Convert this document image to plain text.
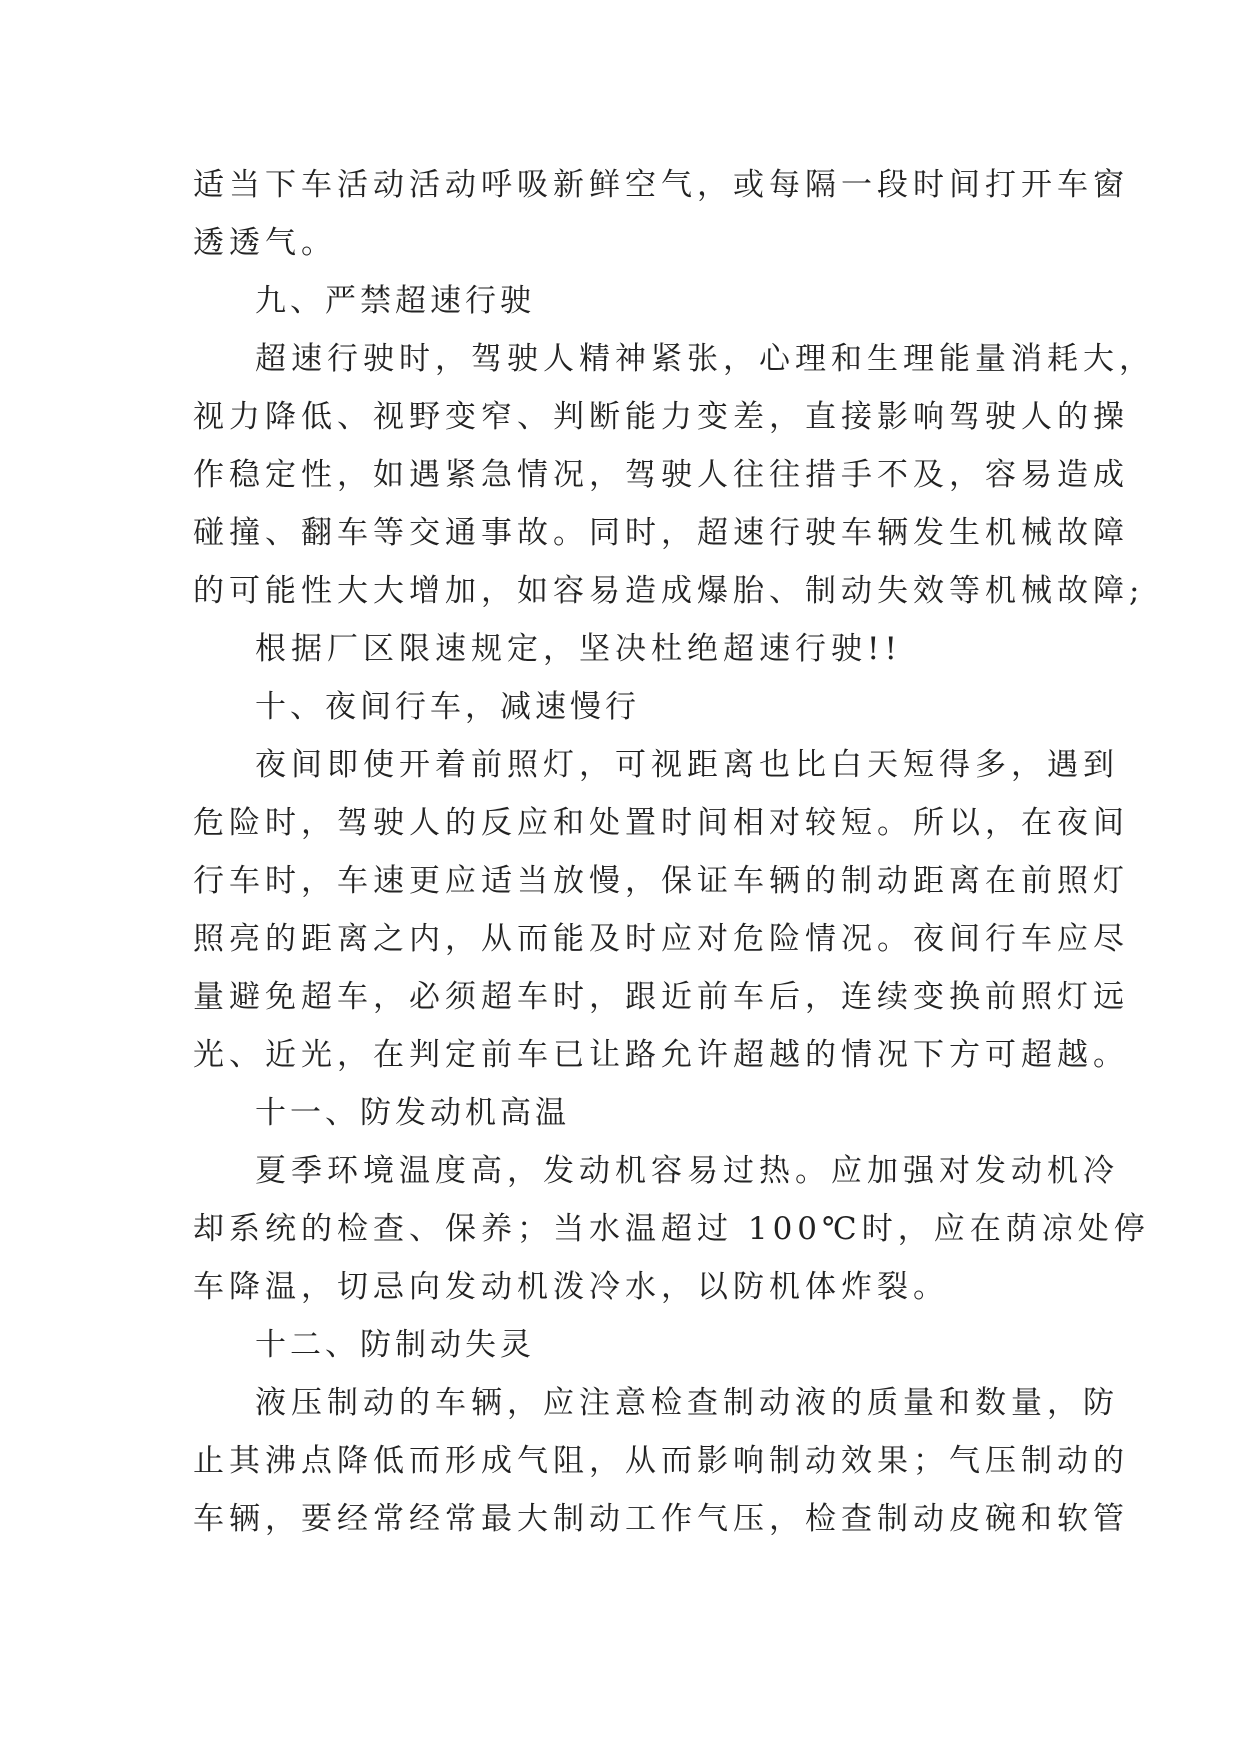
适当下车活动活动呼吸新鲜空气，或每隔一段时间打开车窗
透透气。
九、严禁超速行驶
超速行驶时，驾驶人精神紧张，心理和生理能量消耗大，
视力降低、视野变窄、判断能力变差，直接影响驾驶人的操
作稳定性，如遇紧急情况，驾驶人往往措手不及，容易造成
碰撞、翻车等交通事故。同时，超速行驶车辆发生机械故障
的可能性大大增加，如容易造成爆胎、制动失效等机械故障;
根据厂区限速规定，坚决杜绝超速行驶!!
十、夜间行车，减速慢行
夜间即使开着前照灯，可视距离也比白天短得多，遇到
危险时，驾驶人的反应和处置时间相对较短。所以，在夜间
行车时，车速更应适当放慢，保证车辆的制动距离在前照灯
照亮的距离之内，从而能及时应对危险情况。夜间行车应尽
量避免超车，必须超车时，跟近前车后，连续变换前照灯远
光、近光，在判定前车已让路允许超越的情况下方可超越。
十一、防发动机高温
夏季环境温度高，发动机容易过热。应加强对发动机冷
却系统的检查、保养；当水温超过 100℃时，应在荫凉处停
车降温，切忌向发动机泼冷水，以防机体炸裂。
十二、防制动失灵
液压制动的车辆，应注意检查制动液的质量和数量，防
止其沸点降低而形成气阻，从而影响制动效果；气压制动的
车辆，要经常经常最大制动工作气压，检查制动皮碗和软管
